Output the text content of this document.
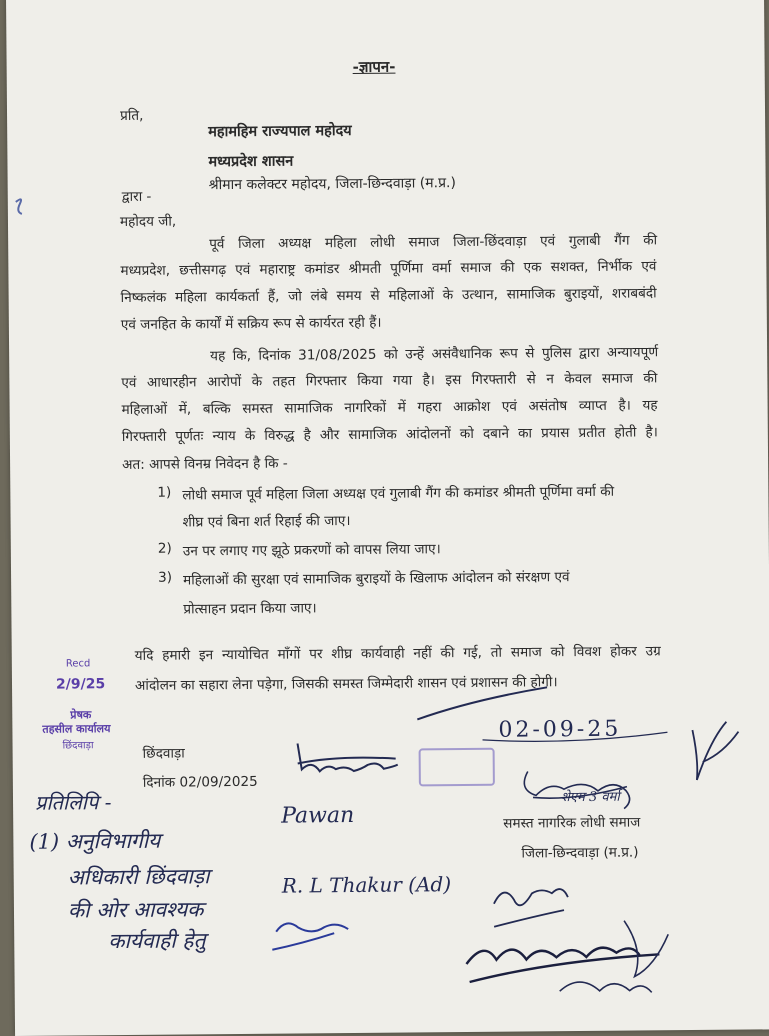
-ज्ञापन-
प्रति,
महामहिम राज्यपाल महोदय
मध्यप्रदेश शासन
द्वारा -
श्रीमान कलेक्टर महोदय, जिला-छिन्दवाड़ा (म.प्र.)
महोदय जी,
पूर्व जिला अध्यक्ष महिला लोधी समाज जिला-छिंदवाड़ा एवं गुलाबी गैंग की
मध्यप्रदेश, छत्तीसगढ़ एवं महाराष्ट्र कमांडर श्रीमती पूर्णिमा वर्मा समाज की एक सशक्त, निर्भीक एवं
निष्कलंक महिला कार्यकर्ता हैं, जो लंबे समय से महिलाओं के उत्थान, सामाजिक बुराइयों, शराबबंदी
एवं जनहित के कार्यों में सक्रिय रूप से कार्यरत रही हैं।
यह कि, दिनांक 31/08/2025 को उन्हें असंवैधानिक रूप से पुलिस द्वारा अन्यायपूर्ण
एवं आधारहीन आरोपों के तहत गिरफ्तार किया गया है। इस गिरफ्तारी से न केवल समाज की
महिलाओं में, बल्कि समस्त सामाजिक नागरिकों में गहरा आक्रोश एवं असंतोष व्याप्त है। यह
गिरफ्तारी पूर्णतः न्याय के विरुद्ध है और सामाजिक आंदोलनों को दबाने का प्रयास प्रतीत होती है।
अत: आपसे विनम्र निवेदन है कि -
1) लोधी समाज पूर्व महिला जिला अध्यक्ष एवं गुलाबी गैंग की कमांडर श्रीमती पूर्णिमा वर्मा की
शीघ्र एवं बिना शर्त रिहाई की जाए।
2) उन पर लगाए गए झूठे प्रकरणों को वापस लिया जाए।
3) महिलाओं की सुरक्षा एवं सामाजिक बुराइयों के खिलाफ आंदोलन को संरक्षण एवं
प्रोत्साहन प्रदान किया जाए।
यदि हमारी इन न्यायोचित माँगों पर शीघ्र कार्यवाही नहीं की गई, तो समाज को विवश होकर उग्र
आंदोलन का सहारा लेना पड़ेगा, जिसकी समस्त जिम्मेदारी शासन एवं प्रशासन की होगी।
छिंदवाड़ा
दिनांक 02/09/2025
समस्त नागरिक लोधी समाज
जिला-छिन्दवाड़ा (म.प्र.)
प्रतिलिपि -
(1) अनुविभागीय
अधिकारी छिंदवाड़ा
की ओर आवश्यक
कार्यवाही हेतु
Recd
2/9/25
प्रेषक
तहसील कार्यालय
छिंदवाड़ा
02-09-25
R. L Thakur (Ad)
Pawan
शेएम 3 वर्मा
